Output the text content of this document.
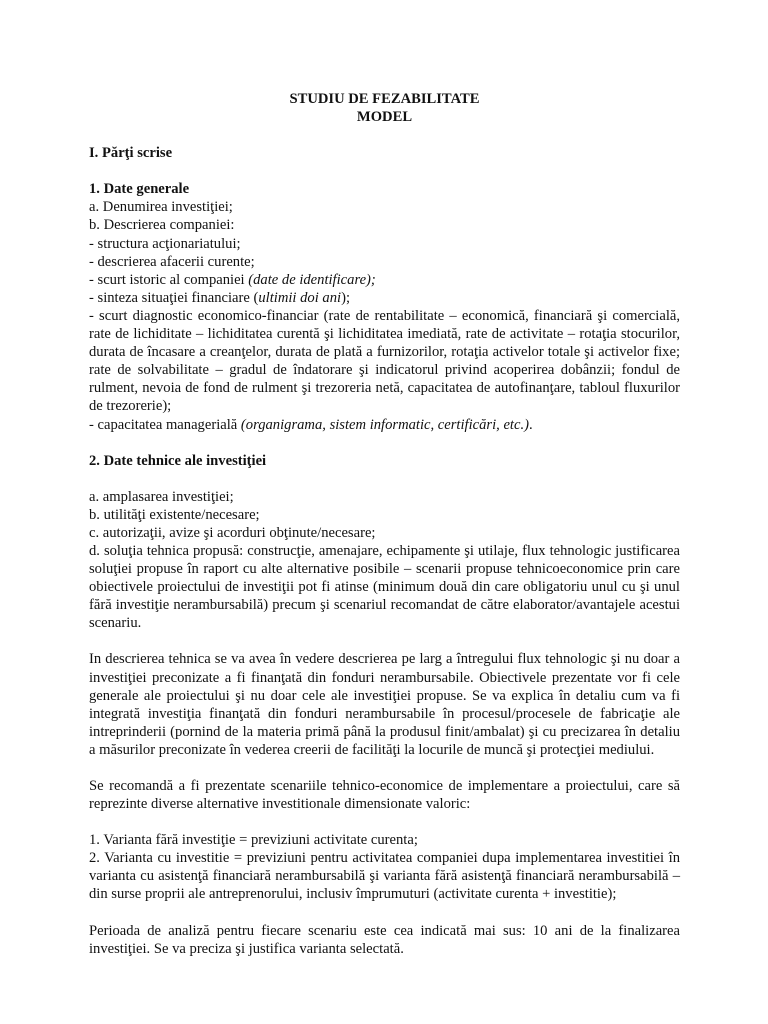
STUDIU DE FEZABILITATE

MODEL

I. Părţi scrise

1. Date generale

a. Denumirea investiţiei;

b. Descrierea companiei:

- structura acţionariatului;

- descrierea afacerii curente;

- scurt istoric al companiei (date de identificare);

- sinteza situaţiei financiare (ultimii doi ani);

- scurt diagnostic economico-financiar (rate de rentabilitate – economică, financiară şi comercială, rate de lichiditate – lichiditatea curentă şi lichiditatea imediată, rate de activitate – rotaţia stocurilor, durata de încasare a creanţelor, durata de plată a furnizorilor, rotaţia activelor totale şi activelor fixe; rate de solvabilitate – gradul de îndatorare şi indicatorul privind acoperirea dobânzii; fondul de rulment, nevoia de fond de rulment şi trezoreria netă, capacitatea de autofinanţare, tabloul fluxurilor de trezorerie);

- capacitatea managerială (organigrama, sistem informatic, certificări, etc.).

2. Date tehnice ale investiţiei

a. amplasarea investiţiei;

b. utilităţi existente/necesare;

c. autorizaţii, avize şi acorduri obţinute/necesare;

d. soluţia tehnica propusă: construcţie, amenajare, echipamente şi utilaje, flux tehnologic justificarea soluţiei propuse în raport cu alte alternative posibile – scenarii propuse tehnicoeconomice prin care obiectivele proiectului de investiţii pot fi atinse (minimum două din care obligatoriu unul cu şi unul fără investiţie nerambursabilă) precum şi scenariul recomandat de către elaborator/avantajele acestui scenariu.

In descrierea tehnica se va avea în vedere descrierea pe larg a întregului flux tehnologic şi nu doar a investiţiei preconizate a fi finanţată din fonduri nerambursabile. Obiectivele prezentate vor fi cele generale ale proiectului şi nu doar cele ale investiţiei propuse. Se va explica în detaliu cum va fi integrată investiţia finanţată din fonduri nerambursabile în procesul/procesele de fabricaţie ale intreprinderii (pornind de la materia primă până la produsul finit/ambalat) şi cu precizarea în detaliu a măsurilor preconizate în vederea creerii de facilităţi la locurile de muncă şi protecţiei mediului.

Se recomandă a fi prezentate scenariile tehnico-economice de implementare a proiectului, care să reprezinte diverse alternative investitionale dimensionate valoric:

1. Varianta fără investiţie = previziuni activitate curenta;

2. Varianta cu investitie = previziuni pentru activitatea companiei dupa implementarea investitiei în varianta cu asistenţă financiară nerambursabilă şi varianta fără asistenţă financiară nerambursabilă – din surse proprii ale antreprenorului, inclusiv împrumuturi (activitate curenta + investitie);

Perioada de analiză pentru fiecare scenariu este cea indicată mai sus: 10 ani de la finalizarea investiţiei. Se va preciza şi justifica varianta selectată.
